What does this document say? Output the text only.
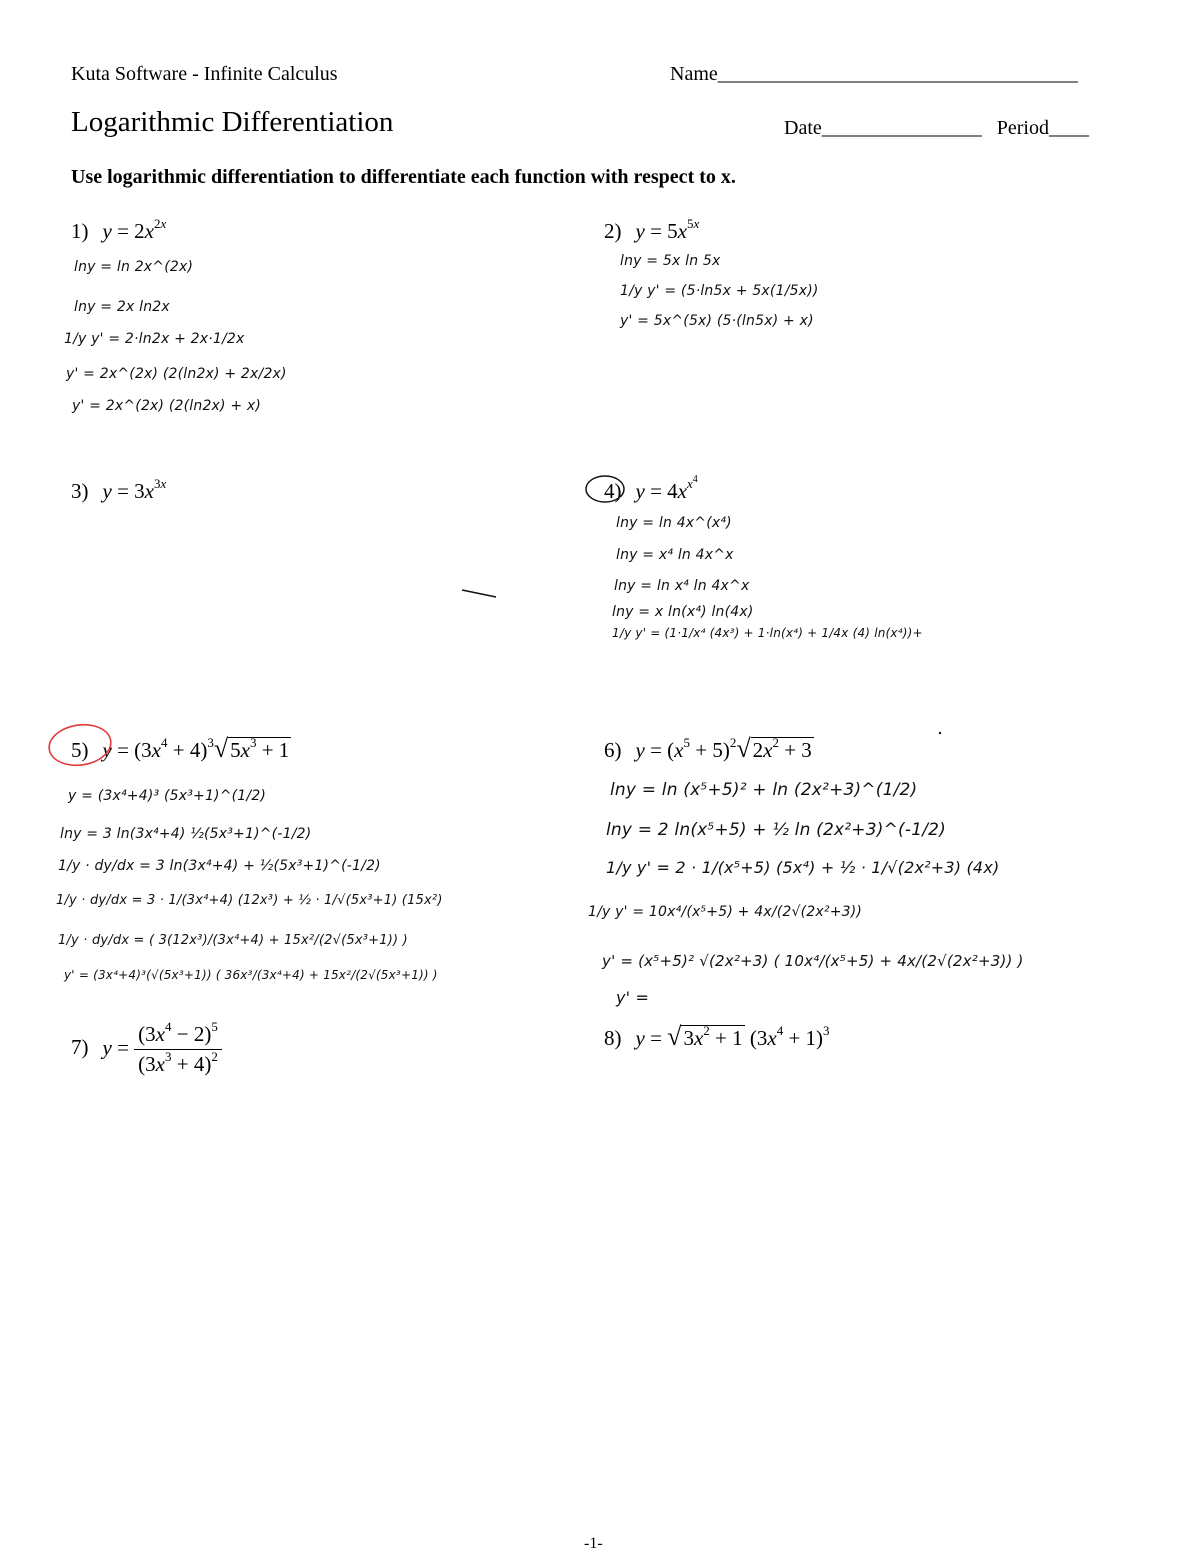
Kuta Software - Infinite Calculus	Name____________________________________
Logarithmic Differentiation	Date________________ Period____
Use logarithmic differentiation to differentiate each function with respect to x.
1) $y = 2x^{2x}$
lny = ln 2x^(2x)
lny = 2x ln2x
1/y y' = 2·ln2x + 2x·1/2x
y' = 2x^(2x) (2(ln2x) + 2x/2x)
y' = 2x^(2x) (2(ln2x) + x)
2) $y = 5x^{5x}$
lny = 5x ln 5x
1/y y' = (5·ln5x + 5x(1/5x))
y' = 5x^(5x) (5·(ln5x) + x)
3) $y = 3x^{3x}$	4) $y = 4x^{x^4}$
lny = ln 4x^(x⁴)
lny = x⁴ ln 4x^x
lny = ln x⁴ ln 4x^x
lny = x ln(x⁴) ln(4x)
1/y y' = (1·1/x⁴ (4x³) + 1·ln(x⁴) + 1/4x (4) ln(x⁴))+
5) $y = (3x^4 + 4)^3√5x^3 + 1$
y = (3x⁴+4)³ (5x³+1)^(1/2)
lny = 3 ln(3x⁴+4) ½(5x³+1)^(-1/2)
1/y · dy/dx = 3 ln(3x⁴+4) + ½(5x³+1)^(-1/2)
1/y · dy/dx = 3 · 1/(3x⁴+4) (12x³) + ½ · 1/√(5x³+1) (15x²)
1/y · dy/dx = ( 3(12x³)/(3x⁴+4) + 15x²/(2√(5x³+1)) )
y' = (3x⁴+4)³(√(5x³+1)) ( 36x³/(3x⁴+4) + 15x²/(2√(5x³+1)) )
6) $y = (x^5 + 5)^2√2x^2 + 3$
lny = ln (x⁵+5)² + ln (2x²+3)^(1/2)
lny = 2 ln(x⁵+5) + ½ ln (2x²+3)^(-1/2)
1/y y' = 2 · 1/(x⁵+5) (5x⁴) + ½ · 1/√(2x²+3) (4x)
1/y y' = 10x⁴/(x⁵+5) + 4x/(2√(2x²+3))
y' = (x⁵+5)² √(2x²+3) ( 10x⁴/(x⁵+5) + 4x/(2√(2x²+3)) )
y' =
7) $y = \frac{(3x^4 - 2)^5}{(3x^3 + 4)^2}$	8) $y = √3x^2 + 1$ $(3x^4 + 1)^3$
-1-
